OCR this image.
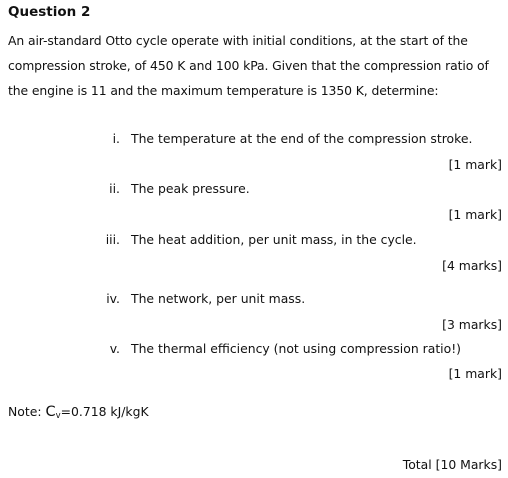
Question 2
An air-standard Otto cycle operate with initial conditions, at the start of the compression stroke, of 450 K and 100 kPa. Given that the compression ratio of the engine is 11 and the maximum temperature is 1350 K, determine:
i. The temperature at the end of the compression stroke.
[1 mark]
ii. The peak pressure.
[1 mark]
iii. The heat addition, per unit mass, in the cycle.
[4 marks]
iv. The network, per unit mass.
[3 marks]
v. The thermal efficiency (not using compression ratio!)
[1 mark]
Note: Cv=0.718 kJ/kgK
Total [10 Marks]
